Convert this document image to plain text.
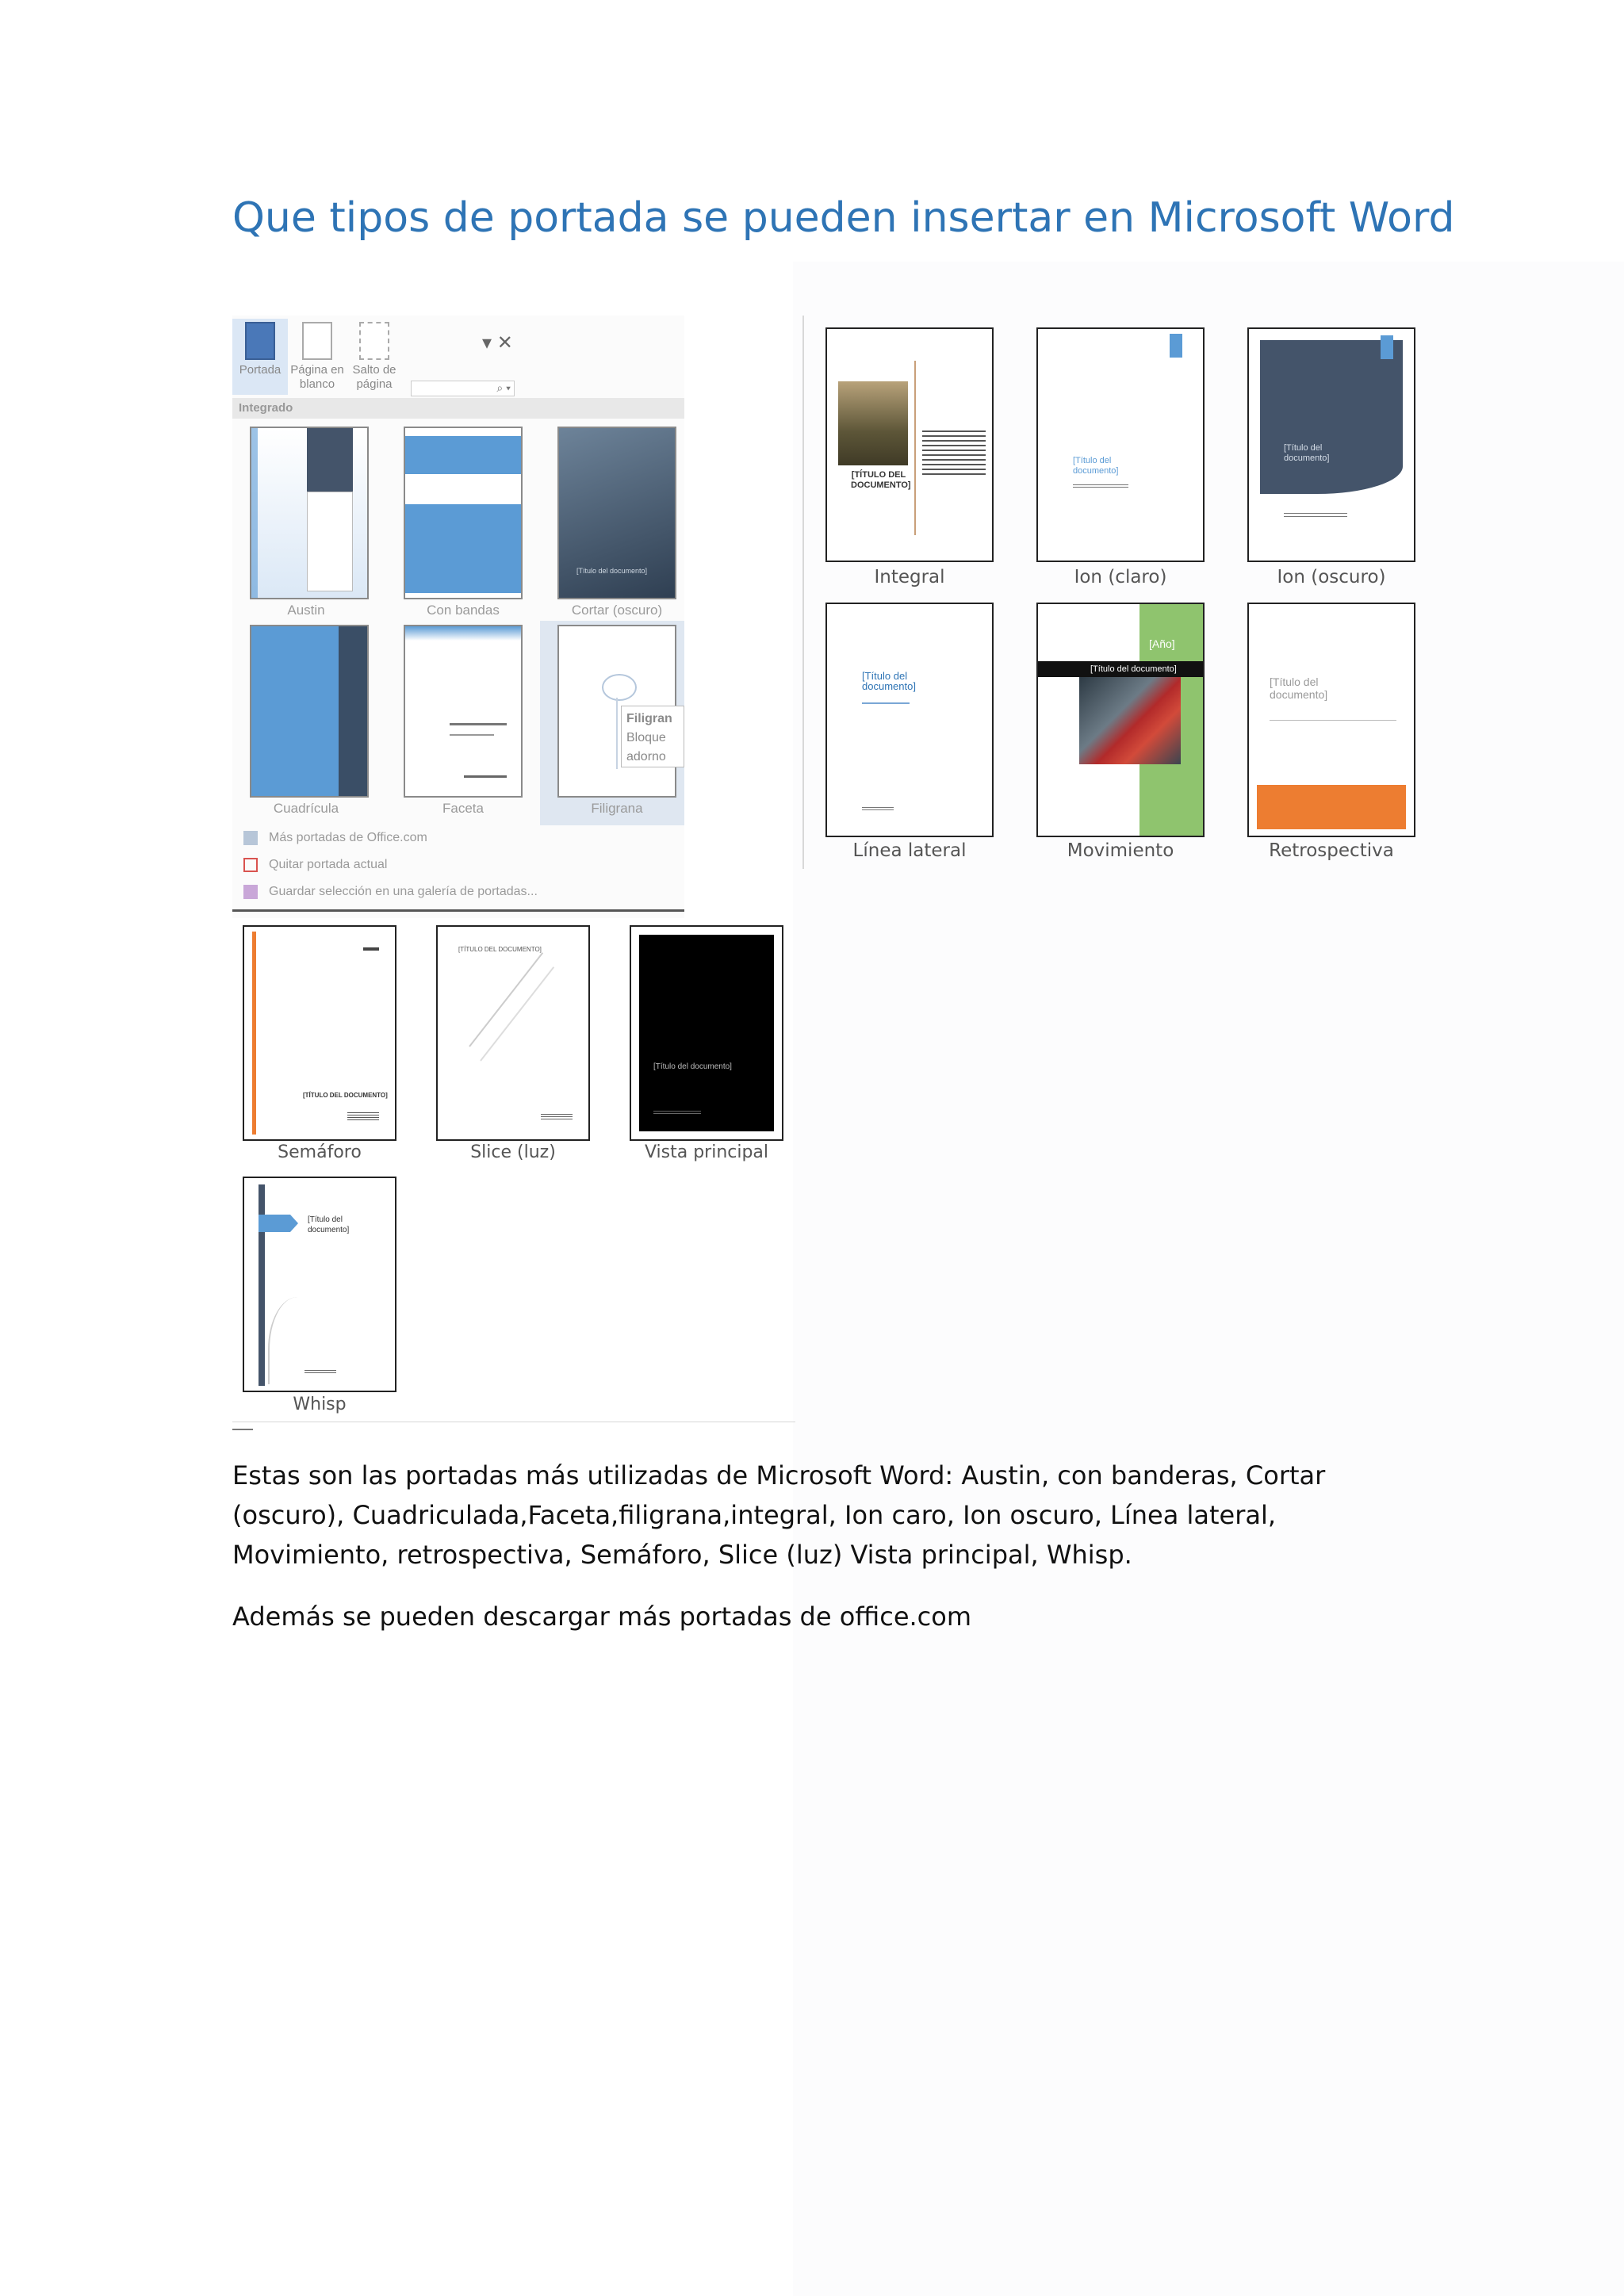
Que tipos de portada se pueden insertar en Microsoft Word
Portada Página en blanco
Salto de página
▾ ✕
⌕ ▾
Integrado
Austin	Con bandas
[Título del documento]
Cortar (oscuro)
Cuadrícula	Faceta	Filigrana
Filigran
Bloque
adorno
Más portadas de Office.com
Quitar portada actual
Guardar selección en una galería de portadas...
[TÍTULO DEL DOCUMENTO]
Integral
[Título del documento]
Ion (claro)
[Título del documento]
Ion (oscuro)
[Título del documento]
Línea lateral
[Año]
[Título del documento]
Movimiento
[Título del documento]
Retrospectiva
[TÍTULO DEL DOCUMENTO]
Semáforo
[TÍTULO DEL DOCUMENTO]
Slice (luz)
[Título del documento]
Vista principal
[Título del documento]
Whisp

Estas son las portadas más utilizadas de Microsoft Word: Austin, con banderas, Cortar (oscuro), Cuadriculada,Faceta,filigrana,integral, Ion caro, Ion oscuro, Línea lateral, Movimiento, retrospectiva, Semáforo, Slice (luz) Vista principal, Whisp.

Además se pueden descargar más portadas de office.com
